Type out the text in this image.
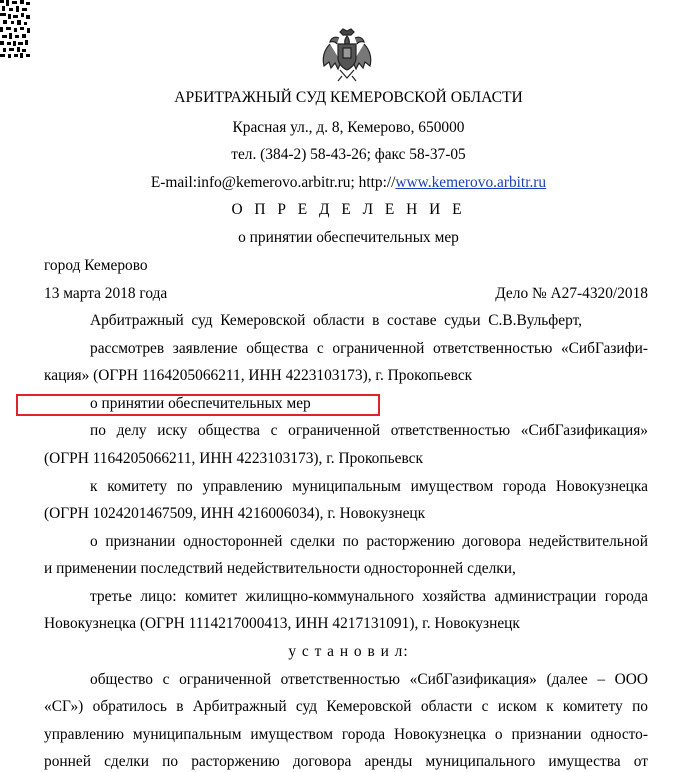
АРБИТРАЖНЫЙ СУД КЕМЕРОВСКОЙ ОБЛАСТИ
Красная ул., д. 8, Кемерово, 650000
тел. (384-2) 58-43-26; факс 58-37-05
E-mail:info@kemerovo.arbitr.ru; http://www.kemerovo.arbitr.ru
О П Р Е Д Е Л Е Н И Е
о принятии обеспечительных мер
город Кемерово
13 марта 2018 года	Дело № А27-4320/2018
Арбитражный суд Кемеровской области в составе судьи С.В.Вульферт,
рассмотрев заявление общества с ограниченной ответственностью «СибГазифи-
кация» (ОГРН 1164205066211, ИНН 4223103173), г. Прокопьевск
о принятии обеспечительных мер
по делу иску общества с ограниченной ответственностью «СибГазификация»
(ОГРН 1164205066211, ИНН 4223103173), г. Прокопьевск
к комитету по управлению муниципальным имуществом города Новокузнецка
(ОГРН 1024201467509, ИНН 4216006034), г. Новокузнецк
о признании односторонней сделки по расторжению договора недействительной
и применении последствий недействительности односторонней сделки,
третье лицо: комитет жилищно-коммунального хозяйства администрации города
Новокузнецка (ОГРН 1114217000413, ИНН 4217131091), г. Новокузнецк
у с т а н о в и л:
общество с ограниченной ответственностью «СибГазификация» (далее – ООО
«СГ») обратилось в Арбитражный суд Кемеровской области с иском к комитету по
управлению муниципальным имуществом города Новокузнецка о признании односто-
ронней сделки по расторжению договора аренды муниципального имущества от
